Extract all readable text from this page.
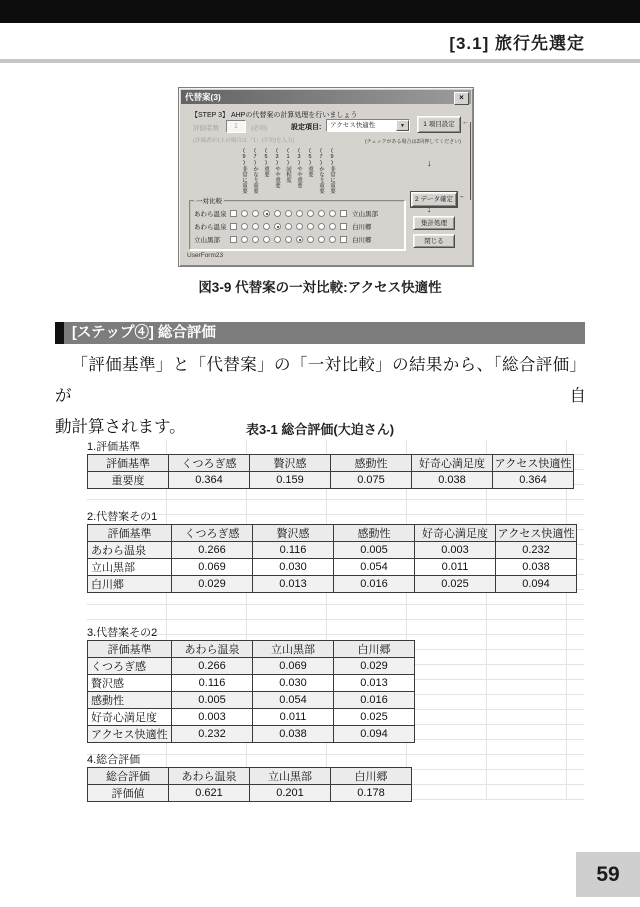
[3.1] 旅行先選定
代替案(3)	×
【STEP 3】 AHPの代替案の計算処理を行いましょう
評価者数	1	(必須)
(評価者が1人の場合は「1」(半角)を入力)
設定項目:	アクセス快適性	▼	1 項目設定
(チェックがある場合は2回押してください)
(9)非常に重要 (7)かなり重要 (5)重要 (3)やや重要 (1)同程度 (3)やや重要 (5)重要 (7)かなり重要 (9)非常に重要
一対比較
あわら温泉	立山黒部
あわら温泉	白川郷
立山黒部	白川郷
2 データ確定
↓
↓
集計処理
閉じる
←
--
UserForm23
図3-9 代替案の一対比較:アクセス快適性
[ステップ④] 総合評価
「評価基準」と「代替案」の「一対比較」の結果から、「総合評価」が自
動計算されます。	表3-1 総合評価(大迫さん)
1.評価基準
評価基準	くつろぎ感	贅沢感	感動性	好奇心満足度	アクセス快適性
重要度	0.364	0.159	0.075	0.038	0.364
2.代替案その1
評価基準	くつろぎ感	贅沢感	感動性	好奇心満足度	アクセス快適性
あわら温泉	0.266	0.116	0.005	0.003	0.232
立山黒部	0.069	0.030	0.054	0.011	0.038
白川郷	0.029	0.013	0.016	0.025	0.094
3.代替案その2
評価基準	あわら温泉	立山黒部	白川郷
くつろぎ感	0.266	0.069	0.029
贅沢感	0.116	0.030	0.013
感動性	0.005	0.054	0.016
好奇心満足度	0.003	0.011	0.025
アクセス快適性	0.232	0.038	0.094
4.総合評価
総合評価	あわら温泉	立山黒部	白川郷
評価値	0.621	0.201	0.178
59
